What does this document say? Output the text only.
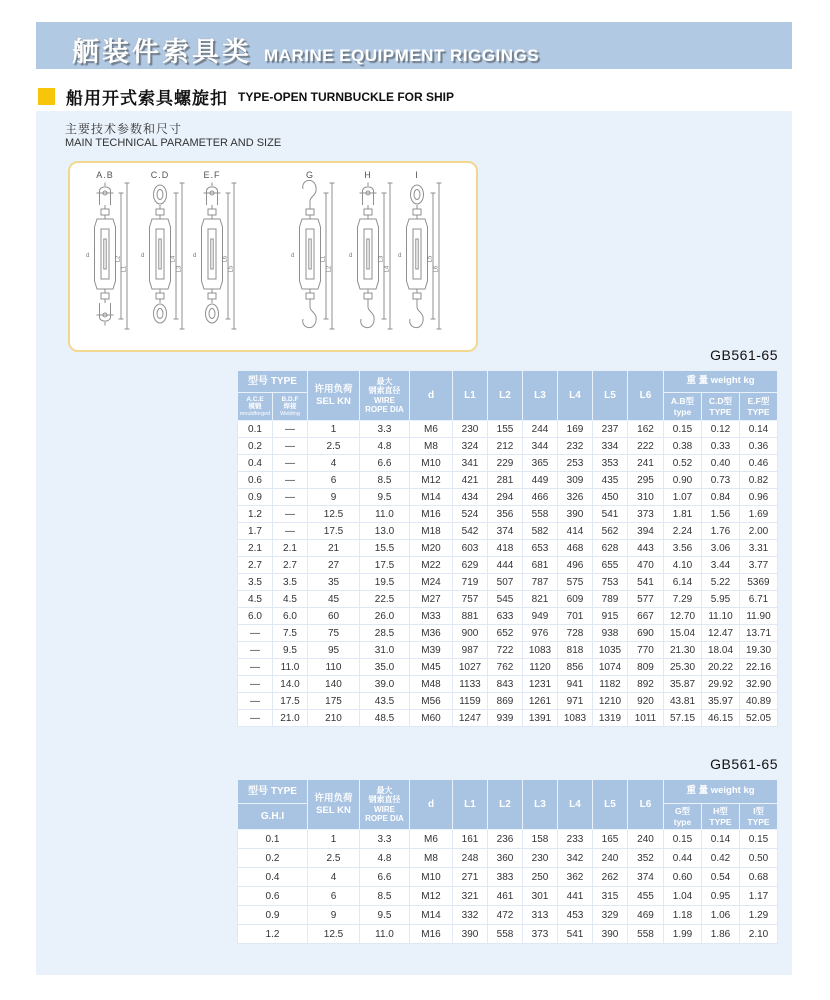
舾装件索具类 MARINE EQUIPMENT RIGGINGS
船用开式索具螺旋扣 TYPE-OPEN TURNBUCKLE FOR SHIP
主要技术参数和尺寸
MAIN TECHNICAL PARAMETER AND SIZE
L2
L1
d	L4
L3
d	L6
L5
d	L1
L2
d	L3
L4
d	L5
L6
d
A.B	C.D	E.F	G	H	I
GB561-65
型号 TYPE		许用负荷
SEL KN	最大
钢索直径
WIRE
ROPE DIA	d	L1	L2	L3	L4	L5	L6	重 量 weight kg		

A.C.E
模锻
mouldforged	B.D.F
焊接
Welding										A.B型
type	C.D型
TYPE	E.F型
TYPE

0.1	—	1	3.3	M6	230	155	244	169	237	162	0.15	0.12	0.14
0.2	—	2.5	4.8	M8	324	212	344	232	334	222	0.38	0.33	0.36
0.4	—	4	6.6	M10	341	229	365	253	353	241	0.52	0.40	0.46
0.6	—	6	8.5	M12	421	281	449	309	435	295	0.90	0.73	0.82
0.9	—	9	9.5	M14	434	294	466	326	450	310	1.07	0.84	0.96
1.2	—	12.5	11.0	M16	524	356	558	390	541	373	1.81	1.56	1.69
1.7	—	17.5	13.0	M18	542	374	582	414	562	394	2.24	1.76	2.00
2.1	2.1	21	15.5	M20	603	418	653	468	628	443	3.56	3.06	3.31
2.7	2.7	27	17.5	M22	629	444	681	496	655	470	4.10	3.44	3.77
3.5	3.5	35	19.5	M24	719	507	787	575	753	541	6.14	5.22	5369
4.5	4.5	45	22.5	M27	757	545	821	609	789	577	7.29	5.95	6.71
6.0	6.0	60	26.0	M33	881	633	949	701	915	667	12.70	11.10	11.90
—	7.5	75	28.5	M36	900	652	976	728	938	690	15.04	12.47	13.71
—	9.5	95	31.0	M39	987	722	1083	818	1035	770	21.30	18.04	19.30
—	11.0	110	35.0	M45	1027	762	1120	856	1074	809	25.30	20.22	22.16
—	14.0	140	39.0	M48	1133	843	1231	941	1182	892	35.87	29.92	32.90
—	17.5	175	43.5	M56	1159	869	1261	971	1210	920	43.81	35.97	40.89
—	21.0	210	48.5	M60	1247	939	1391	1083	1319	1011	57.15	46.15	52.05
GB561-65
型号 TYPE	许用负荷
SEL KN	最大
钢索直径
WIRE
ROPE DIA	d	L1	L2	L3	L4	L5	L6	重 量 weight kg		
G.H.I										G型
type	H型
TYPE	I型
TYPE

0.1	1	3.3	M6	161	236	158	233	165	240	0.15	0.14	0.15
0.2	2.5	4.8	M8	248	360	230	342	240	352	0.44	0.42	0.50
0.4	4	6.6	M10	271	383	250	362	262	374	0.60	0.54	0.68
0.6	6	8.5	M12	321	461	301	441	315	455	1.04	0.95	1.17
0.9	9	9.5	M14	332	472	313	453	329	469	1.18	1.06	1.29
1.2	12.5	11.0	M16	390	558	373	541	390	558	1.99	1.86	2.10
